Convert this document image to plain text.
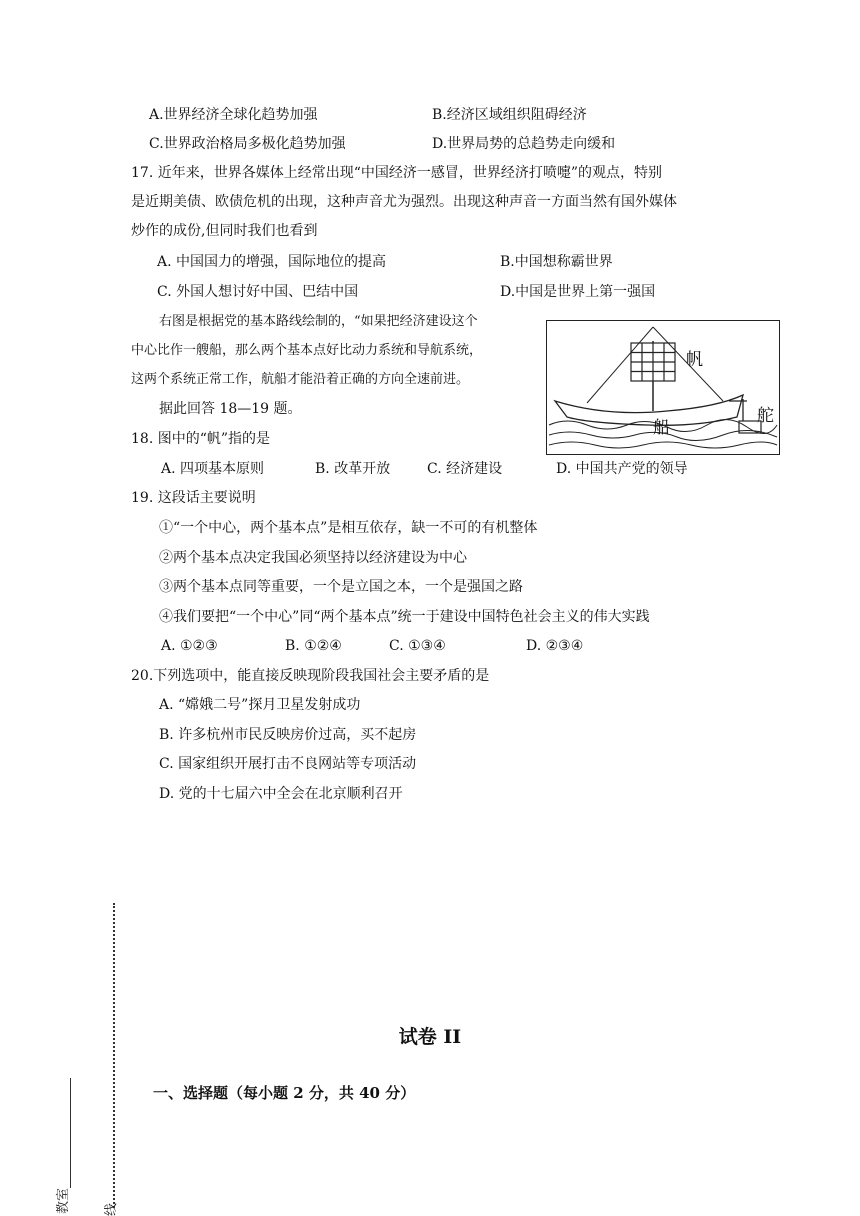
A.世界经济全球化趋势加强	B.经济区域组织阻碍经济
C.世界政治格局多极化趋势加强	D.世界局势的总趋势走向缓和
17. 近年来，世界各媒体上经常出现“中国经济一感冒，世界经济打喷嚏”的观点，特别
是近期美债、欧债危机的出现，这种声音尤为强烈。出现这种声音一方面当然有国外媒体
炒作的成份,但同时我们也看到
A. 中国国力的增强，国际地位的提高	B.中国想称霸世界
C. 外国人想讨好中国、巴结中国	D.中国是世界上第一强国
右图是根据党的基本路线绘制的，“如果把经济建设这个
中心比作一艘船，那么两个基本点好比动力系统和导航系统，
这两个系统正常工作，航船才能沿着正确的方向全速前进。
据此回答 18—19 题。
帆
舵
船
18. 图中的“帆”指的是
A. 四项基本原则	B. 改革开放	C. 经济建设	D. 中国共产党的领导
19. 这段话主要说明
①“一个中心，两个基本点”是相互依存，缺一不可的有机整体
②两个基本点决定我国必须坚持以经济建设为中心
③两个基本点同等重要，一个是立国之本，一个是强国之路
④我们要把“一个中心”同“两个基本点”统一于建设中国特色社会主义的伟大实践
A. ①②③	B. ①②④	C. ①③④	D. ②③④
20.下列选项中，能直接反映现阶段我国社会主要矛盾的是
A. “嫦娥二号”探月卫星发射成功
B. 许多杭州市民反映房价过高，买不起房
C. 国家组织开展打击不良网站等专项活动
D. 党的十七届六中全会在北京顺利召开
教室	线
试卷 II
一、选择题（每小题 2 分，共 40 分）
